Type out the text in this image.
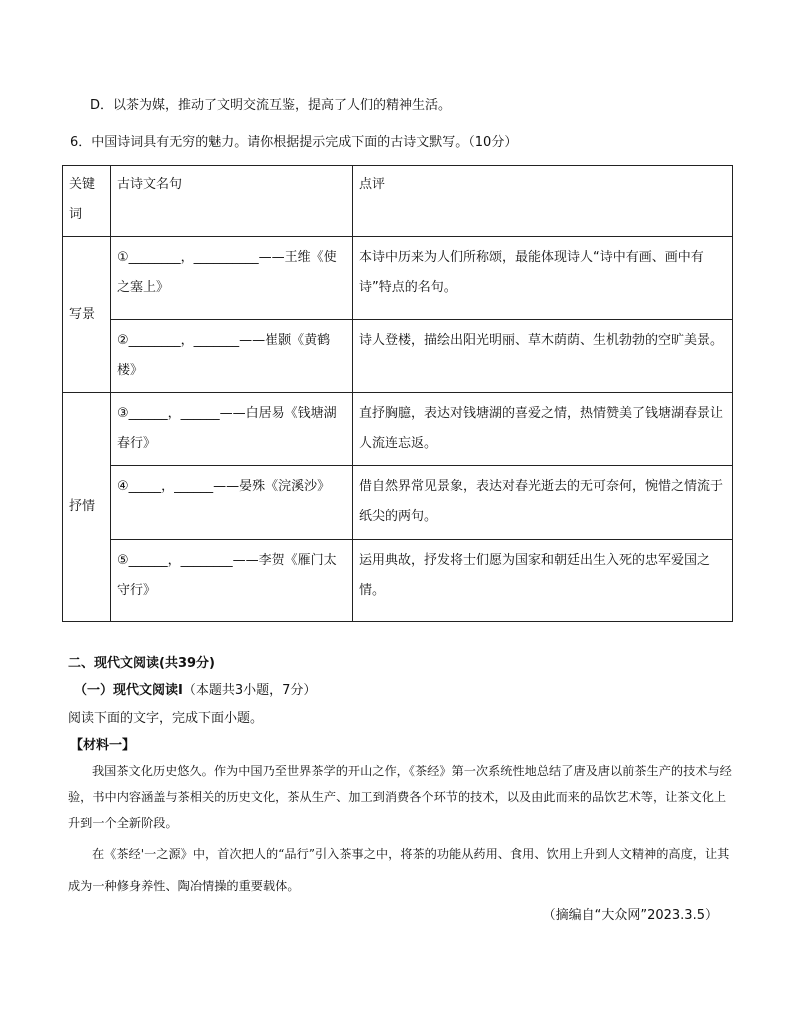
D．以茶为媒，推动了文明交流互鉴，提高了人们的精神生活。
6．中国诗词具有无穷的魅力。请你根据提示完成下面的古诗文默写。（10分）
关键词	古诗文名句	点评

写景	①________，__________——王维《使之塞上》	本诗中历来为人们所称颂，最能体现诗人“诗中有画、画中有诗”特点的名句。

	②________，_______——崔颢《黄鹤楼》	诗人登楼，描绘出阳光明丽、草木荫荫、生机勃勃的空旷美景。

抒情	③______，______——白居易《钱塘湖春行》	直抒胸臆，表达对钱塘湖的喜爱之情，热情赞美了钱塘湖春景让人流连忘返。

	④_____，______——晏殊《浣溪沙》	借自然界常见景象，表达对春光逝去的无可奈何，惋惜之情流于纸尖的两句。

	⑤______，________——李贺《雁门太守行》	运用典故，抒发将士们愿为国家和朝廷出生入死的忠军爱国之情。
二、现代文阅读(共39分)
（一）现代文阅读Ⅰ（本题共3小题，7分）
阅读下面的文字，完成下面小题。
【材料一】
我国茶文化历史悠久。作为中国乃至世界茶学的开山之作，《茶经》第一次系统性地总结了唐及唐以前茶生产的技术与经验，书中内容涵盖与茶相关的历史文化，茶从生产、加工到消费各个环节的技术，以及由此而来的品饮艺术等，让茶文化上升到一个全新阶段。
在《茶经'一之源》中，首次把人的“品行”引入茶事之中，将茶的功能从药用、食用、饮用上升到人文精神的高度，让其成为一种修身养性、陶冶情操的重要载体。
（摘编自“大众网”2023.3.5）
